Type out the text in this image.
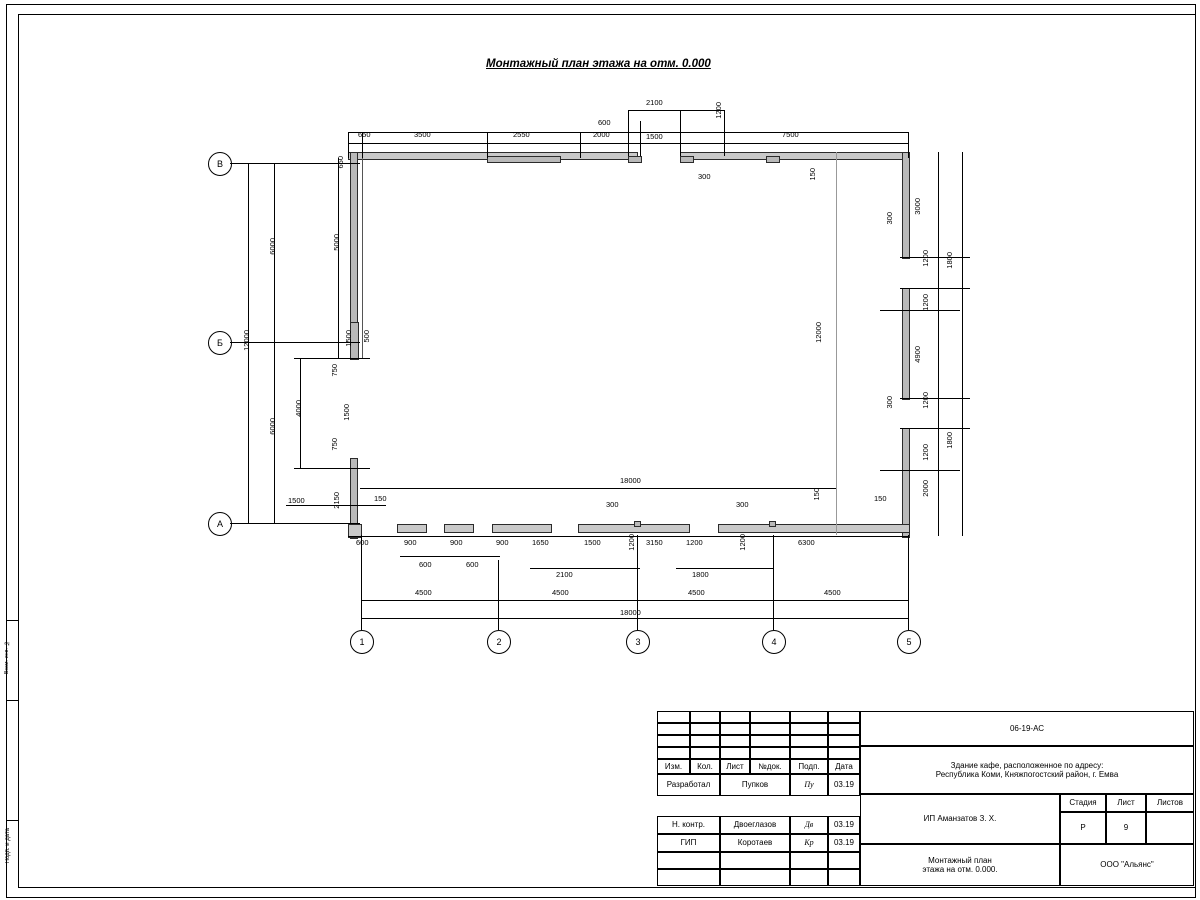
Взам. инв. №
Подп. и дата
Монтажный план этажа на отм. 0.000
В
Б
А
1	2	3	4	5
650	3500	2550	2000	1500	7500
2100
600
1200
300	150
650
12000
6000
6000
5000
4000
1500 500
750
1500
750
2150
1500	150
3000
1800
1200
1200
300
4900
1200
300
1200
1800
2000
12000
150	150
18000
600	900	900	900	1650	1500	1200 3150	1200	1200	6300
600	600
2100	1800
300	300
4500	4500	4500	4500
18000
06-19-АС
Здание кафе, расположенное по адресу:
Республика Коми, Княжпогостский район, г. Емва
Изм. Кол. Лист №док. Подп. Дата
Разработал	Пупков	Пу	03.19
Н. контр.	Двоеглазов	Дв	03.19
ГИП	Коротаев	Кр	03.19
ИП Аманзатов З. Х.
Монтажный план
этажа на отм. 0.000.
Стадия	Лист	Листов
Р	9
ООО "Альянс"
